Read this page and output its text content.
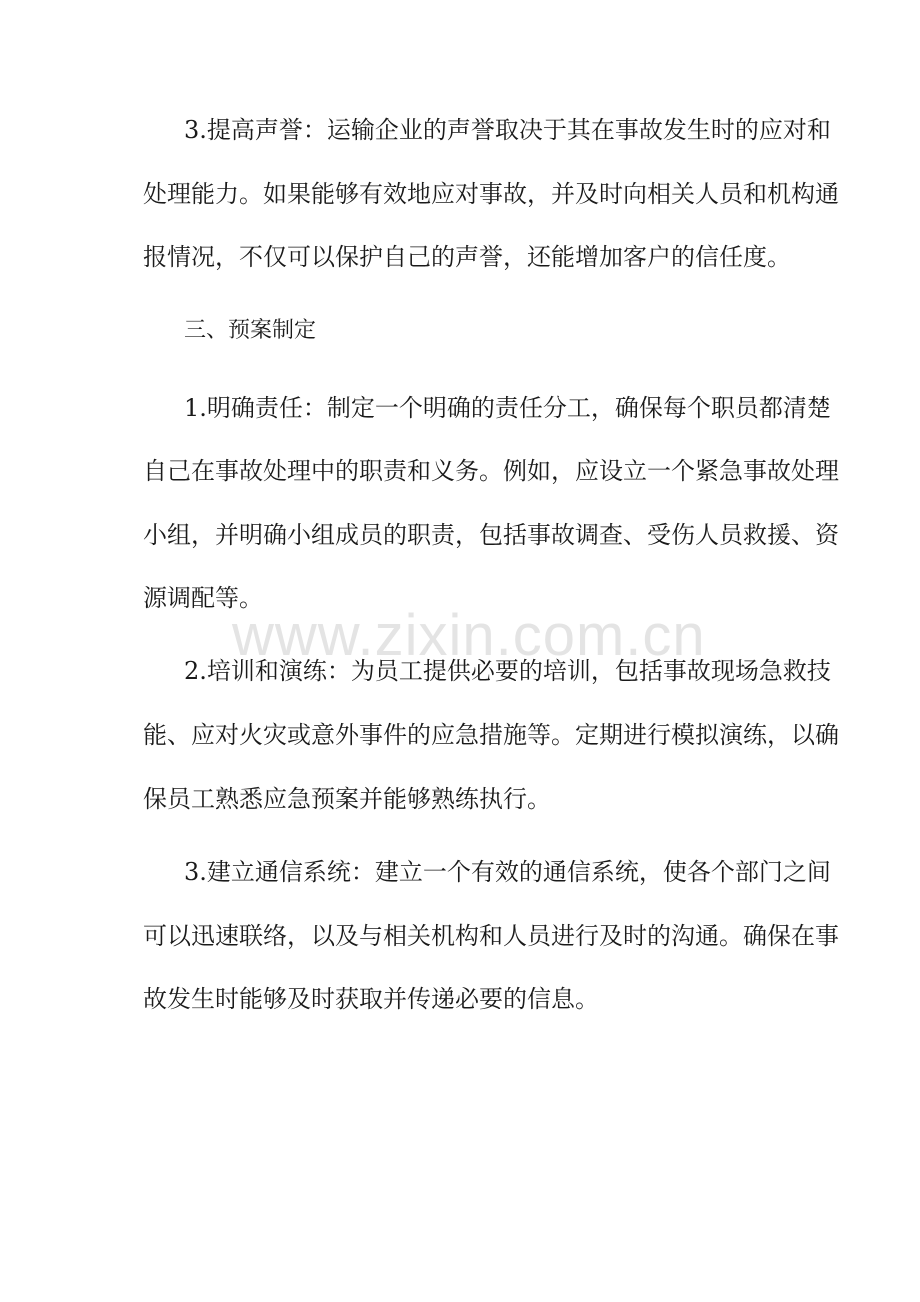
3.提高声誉：运输企业的声誉取决于其在事故发生时的应对和
处理能力。如果能够有效地应对事故，并及时向相关人员和机构通
报情况，不仅可以保护自己的声誉，还能增加客户的信任度。
三、预案制定
1.明确责任：制定一个明确的责任分工，确保每个职员都清楚
自己在事故处理中的职责和义务。例如，应设立一个紧急事故处理
小组，并明确小组成员的职责，包括事故调查、受伤人员救援、资
源调配等。
www.zixin.com.cn
2.培训和演练：为员工提供必要的培训，包括事故现场急救技
能、应对火灾或意外事件的应急措施等。定期进行模拟演练，以确
保员工熟悉应急预案并能够熟练执行。
3.建立通信系统：建立一个有效的通信系统，使各个部门之间
可以迅速联络，以及与相关机构和人员进行及时的沟通。确保在事
故发生时能够及时获取并传递必要的信息。
